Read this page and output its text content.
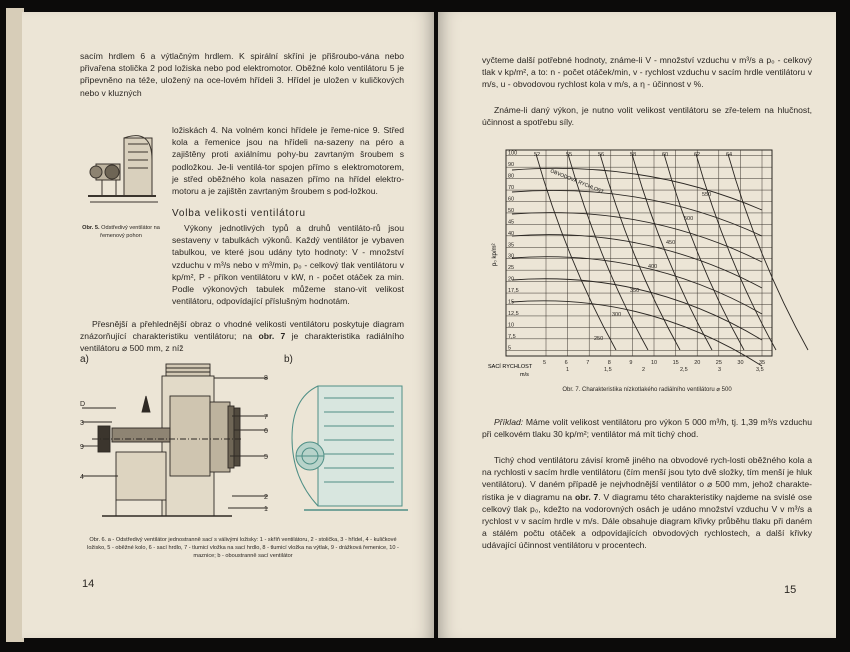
sacím hrdlem 6 a výtlačným hrdlem. K spirální skříni je přišroubo-vána nebo přivařena stolička 2 pod ložiska nebo pod elektromotor. Oběžné kolo ventilátoru 5 je připevněno na téže, uložený na oce-lovém hřídeli 3. Hřídel je uložen v kuličkových nebo v kluzných

ložiskách 4. Na volném konci hřídele je řeme-nice 9. Střed kola a řemenice jsou na hřídeli na-sazeny na péro a zajištěny proti axiálnímu pohy-bu zavrtaným šroubem s podložkou. Je-li ventilá-tor spojen přímo s elektromotorem, je střed oběžného kola nasazen přímo na hřídel elektro-motoru a je zajištěn zavrtaným šroubem s pod-ložkou.

Obr. 5. Odstředivý ventilátor na řemenový pohon
Volba velikosti ventilátoru

Výkony jednotlivých typů a druhů ventiláto-rů jsou sestaveny v tabulkách výkonů. Každý ventilátor je vybaven tabulkou, ve které jsou udány tyto hodnoty: V - množství vzduchu v m³/s nebo v m³/min, p₀ - celkový tlak ventilátoru v kp/m², P - příkon ventilátoru v kW, n - počet otáček za min. Podle výkonových tabulek můžeme stano-vit velikost ventilátoru, odpovídající příslušným hodnotám.

Přesnější a přehlednější obraz o vhodné velikosti ventilátoru poskytuje diagram znázorňující charakteristiku ventilátoru; na obr. 7 je charakteristika radiálního ventilátoru ⌀ 500 mm, z níž

a)	b)
D
3
9
4
8
7
6
5
2
1
Obr. 6. a - Odstředivý ventilátor jednostranně sací s válivými ložisky: 1 - skříň ventilátoru, 2 - stolička, 3 - hřídel, 4 - kuličkové ložisko, 5 - oběžné kolo, 6 - sací hrdlo, 7 - tlumicí vložka na sací hrdlo, 8 - tlumicí vložka na výtlak, 9 - drážková řemenice, 10 - maznice; b - oboustranně sací ventilátor
14

vyčteme další potřebné hodnoty, známe-li V - množství vzduchu v m³/s a p₀ - celkový tlak v kp/m², a to: n - počet otáček/min, v - rychlost vzduchu v sacím hrdle ventilátoru v m/s, u - obvodovou rychlost kola v m/s, a η - účinnost v %.

Známe-li daný výkon, je nutno volit velikost ventilátoru se zře-telem na hlučnost, účinnost a spotřebu síly.

550
500
450
400
350
300
250
52	55	56	58	60	62	64
100
90
80
70
60
50
45
40
35
30
25
20
17,5
15
12,5
10
7,5
5
5	6	7	8	9	10	15	20	25	30	35
1	1,5	2	2,5	3	3,5
p₀ kp/m²
SACÍ RYCHLOST
m/s
OBVODOVÁ RYCHLOST
Obr. 7. Charakteristika nízkotlakého radiálního ventilátoru ⌀ 500

Příklad: Máme volit velikost ventilátoru pro výkon 5 000 m³/h, tj. 1,39 m³/s vzduchu při celkovém tlaku 30 kp/m²; ventilátor má mít tichý chod.

Tichý chod ventilátoru závisí kromě jiného na obvodové rych-losti oběžného kola a na rychlosti v sacím hrdle ventilátoru (čím menší jsou tyto dvě složky, tím menší je hluk ventilátoru). V daném případě je nejvhodnější ventilátor o ⌀ 500 mm, jehož charakte-ristika je v diagramu na obr. 7. V diagramu této charakteristiky najdeme na svislé ose celkový tlak p₀, kdežto na vodorovných osách je udáno množství vzduchu V v m³/s a rychlost v v sacím hrdle v m/s. Dále obsahuje diagram křivky průběhu tlaku při daném a stálém počtu otáček a odpovídajících obvodových rychlostech, a další křivky udávající účinnost ventilátoru v procentech.

15
